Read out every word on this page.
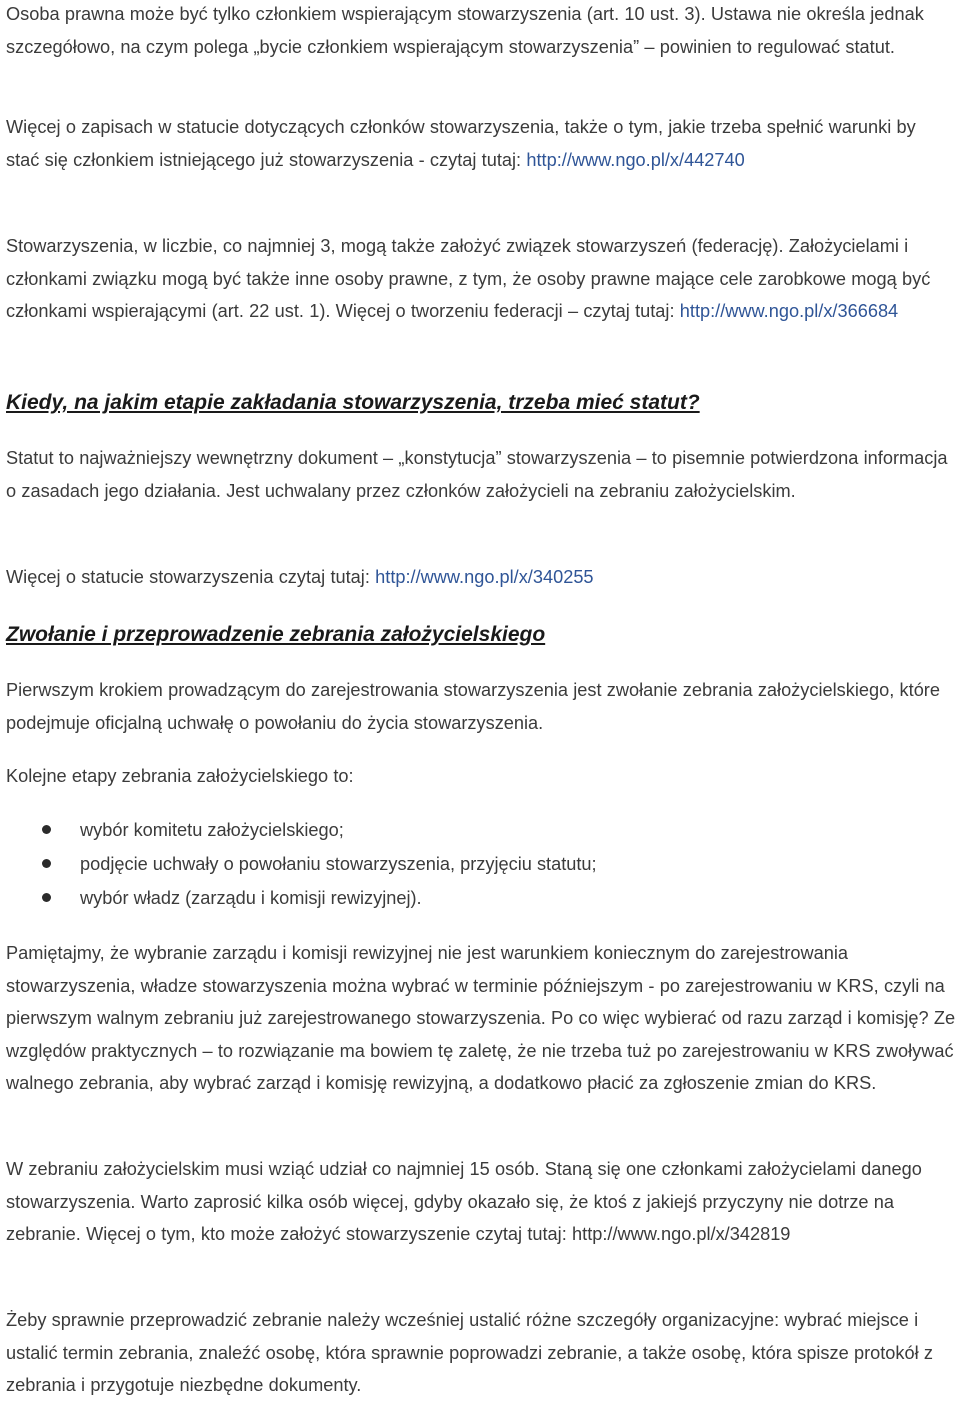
Osoba prawna może być tylko członkiem wspierającym stowarzyszenia (art. 10 ust. 3). Ustawa nie określa jednak szczegółowo, na czym polega „bycie członkiem wspierającym stowarzyszenia” – powinien to regulować statut.

Więcej o zapisach w statucie dotyczących członków stowarzyszenia, także o tym, jakie trzeba spełnić warunki by stać się członkiem istniejącego już stowarzyszenia - czytaj tutaj: http://www.ngo.pl/x/442740

Stowarzyszenia, w liczbie, co najmniej 3, mogą także założyć związek stowarzyszeń (federację). Założycielami i członkami związku mogą być także inne osoby prawne, z tym, że osoby prawne mające cele zarobkowe mogą być członkami wspierającymi (art. 22 ust. 1). Więcej o tworzeniu federacji – czytaj tutaj: http://www.ngo.pl/x/366684

Kiedy, na jakim etapie zakładania stowarzyszenia, trzeba mieć statut?

Statut to najważniejszy wewnętrzny dokument – „konstytucja” stowarzyszenia – to pisemnie potwierdzona informacja o zasadach jego działania. Jest uchwalany przez członków założycieli na zebraniu założycielskim.

Więcej o statucie stowarzyszenia czytaj tutaj: http://www.ngo.pl/x/340255

Zwołanie i przeprowadzenie zebrania założycielskiego

Pierwszym krokiem prowadzącym do zarejestrowania stowarzyszenia jest zwołanie zebrania założycielskiego, które podejmuje oficjalną uchwałę o powołaniu do życia stowarzyszenia.

Kolejne etapy zebrania założycielskiego to:

wybór komitetu założycielskiego;
podjęcie uchwały o powołaniu stowarzyszenia, przyjęciu statutu;
wybór władz (zarządu i komisji rewizyjnej).

Pamiętajmy, że wybranie zarządu i komisji rewizyjnej nie jest warunkiem koniecznym do zarejestrowania stowarzyszenia, władze stowarzyszenia można wybrać w terminie późniejszym - po zarejestrowaniu w KRS, czyli na pierwszym walnym zebraniu już zarejestrowanego stowarzyszenia. Po co więc wybierać od razu zarząd i komisję? Ze względów praktycznych – to rozwiązanie ma bowiem tę zaletę, że nie trzeba tuż po zarejestrowaniu w KRS zwoływać walnego zebrania, aby wybrać zarząd i komisję rewizyjną, a dodatkowo płacić za zgłoszenie zmian do KRS.

W zebraniu założycielskim musi wziąć udział co najmniej 15 osób. Staną się one członkami założycielami danego stowarzyszenia. Warto zaprosić kilka osób więcej, gdyby okazało się, że ktoś z jakiejś przyczyny nie dotrze na zebranie. Więcej o tym, kto może założyć stowarzyszenie czytaj tutaj: http://www.ngo.pl/x/342819

Żeby sprawnie przeprowadzić zebranie należy wcześniej ustalić różne szczegóły organizacyjne: wybrać miejsce i ustalić termin zebrania, znaleźć osobę, która sprawnie poprowadzi zebranie, a także osobę, która spisze protokół z zebrania i przygotuje niezbędne dokumenty.
